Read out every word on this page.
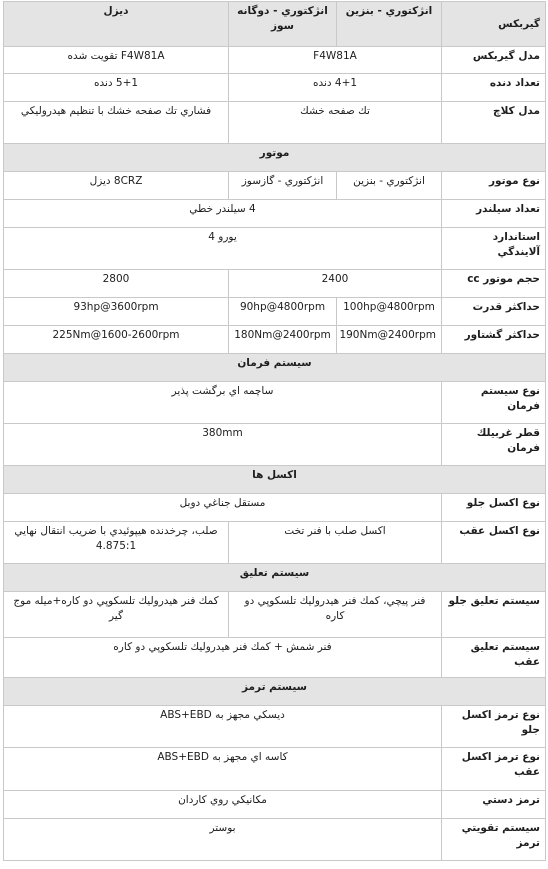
گيربكس	انژكتوري - بنزين	انژكتوري - دوگانه سوز	ديزل
مدل گيربكس	F4W81A		F4W81A تقويت شده
تعداد دنده	4+1 دنده		5+1 دنده
مدل كلاچ	تك صفحه خشك		فشاري تك صفحه خشك با تنظيم هيدروليكي
موتور			
نوع موتور	انژكتوري - بنزين	انژكتوري - گازسوز	8CRZ ديزل
تعداد سيلندر	4 سيلندر خطي		
استاندارد آلايندگي	يورو 4		
حجم موتور cc	2400		2800
حداكثر قدرت	100hp@4800rpm	90hp@4800rpm	93hp@3600rpm
حداكثر گشتاور	190Nm@2400rpm	180Nm@2400rpm	225Nm@1600-2600rpm
سيستم فرمان			
نوع سيستم فرمان	ساچمه اي برگشت پذير		
قطر غربيلك فرمان	380mm		
اكسل ها			
نوع اكسل جلو	مستقل جناغي دوبل		
نوع اكسل عقب	اكسل صلب با فنر تخت		صلب، چرخدنده هيپوئيدي با ضريب انتقال نهايي 4.875:1
سيستم تعليق			
سيستم تعليق جلو	فنر پيچي، كمك فنر هيدروليك تلسكوپي دو كاره		كمك فنر هيدروليك تلسكوپي دو كاره+ميله موج گير
سيستم تعليق عقب	فنر شمش + كمك فنر هيدروليك تلسكوپي دو كاره		
سيستم ترمز			
نوع ترمز اكسل جلو	ديسكي مجهز به ABS+EBD		
نوع ترمز اكسل عقب	كاسه اي مجهز به ABS+EBD		
ترمز دستي	مكانيكي روي كاردان		
سيستم تقويتي ترمز	بوستر		
